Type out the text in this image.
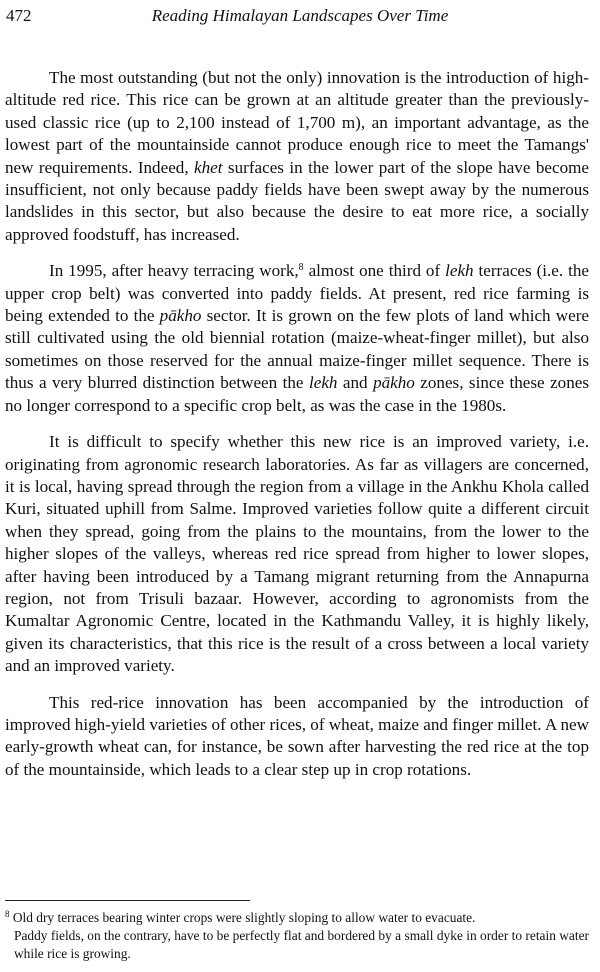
472	Reading Himalayan Landscapes Over Time

The most outstanding (but not the only) innovation is the introduction of high-altitude red rice. This rice can be grown at an altitude greater than the previously-used classic rice (up to 2,100 instead of 1,700 m), an important advantage, as the lowest part of the mountainside cannot produce enough rice to meet the Tamangs' new requirements. Indeed, khet surfaces in the lower part of the slope have become insufficient, not only because paddy fields have been swept away by the numerous landslides in this sector, but also because the desire to eat more rice, a socially approved foodstuff, has increased.

In 1995, after heavy terracing work,$^8$ almost one third of lekh terraces (i.e. the upper crop belt) was converted into paddy fields. At present, red rice farming is being extended to the pākho sector. It is grown on the few plots of land which were still cultivated using the old biennial rotation (maize-wheat-finger millet), but also sometimes on those reserved for the annual maize-finger millet sequence. There is thus a very blurred distinction between the lekh and pākho zones, since these zones no longer correspond to a specific crop belt, as was the case in the 1980s.

It is difficult to specify whether this new rice is an improved variety, i.e. originating from agronomic research laboratories. As far as villagers are concerned, it is local, having spread through the region from a village in the Ankhu Khola called Kuri, situated uphill from Salme. Improved varieties follow quite a different circuit when they spread, going from the plains to the mountains, from the lower to the higher slopes of the valleys, whereas red rice spread from higher to lower slopes, after having been introduced by a Tamang migrant returning from the Annapurna region, not from Trisuli bazaar. However, according to agronomists from the Kumaltar Agronomic Centre, located in the Kathmandu Valley, it is highly likely, given its characteristics, that this rice is the result of a cross between a local variety and an improved variety.

This red-rice innovation has been accompanied by the introduction of improved high-yield varieties of other rices, of wheat, maize and finger millet. A new early-growth wheat can, for instance, be sown after harvesting the red rice at the top of the mountainside, which leads to a clear step up in crop rotations.

$^8$ Old dry terraces bearing winter crops were slightly sloping to allow water to evacuate.
Paddy fields, on the contrary, have to be perfectly flat and bordered by a small dyke in order to retain water while rice is growing.
